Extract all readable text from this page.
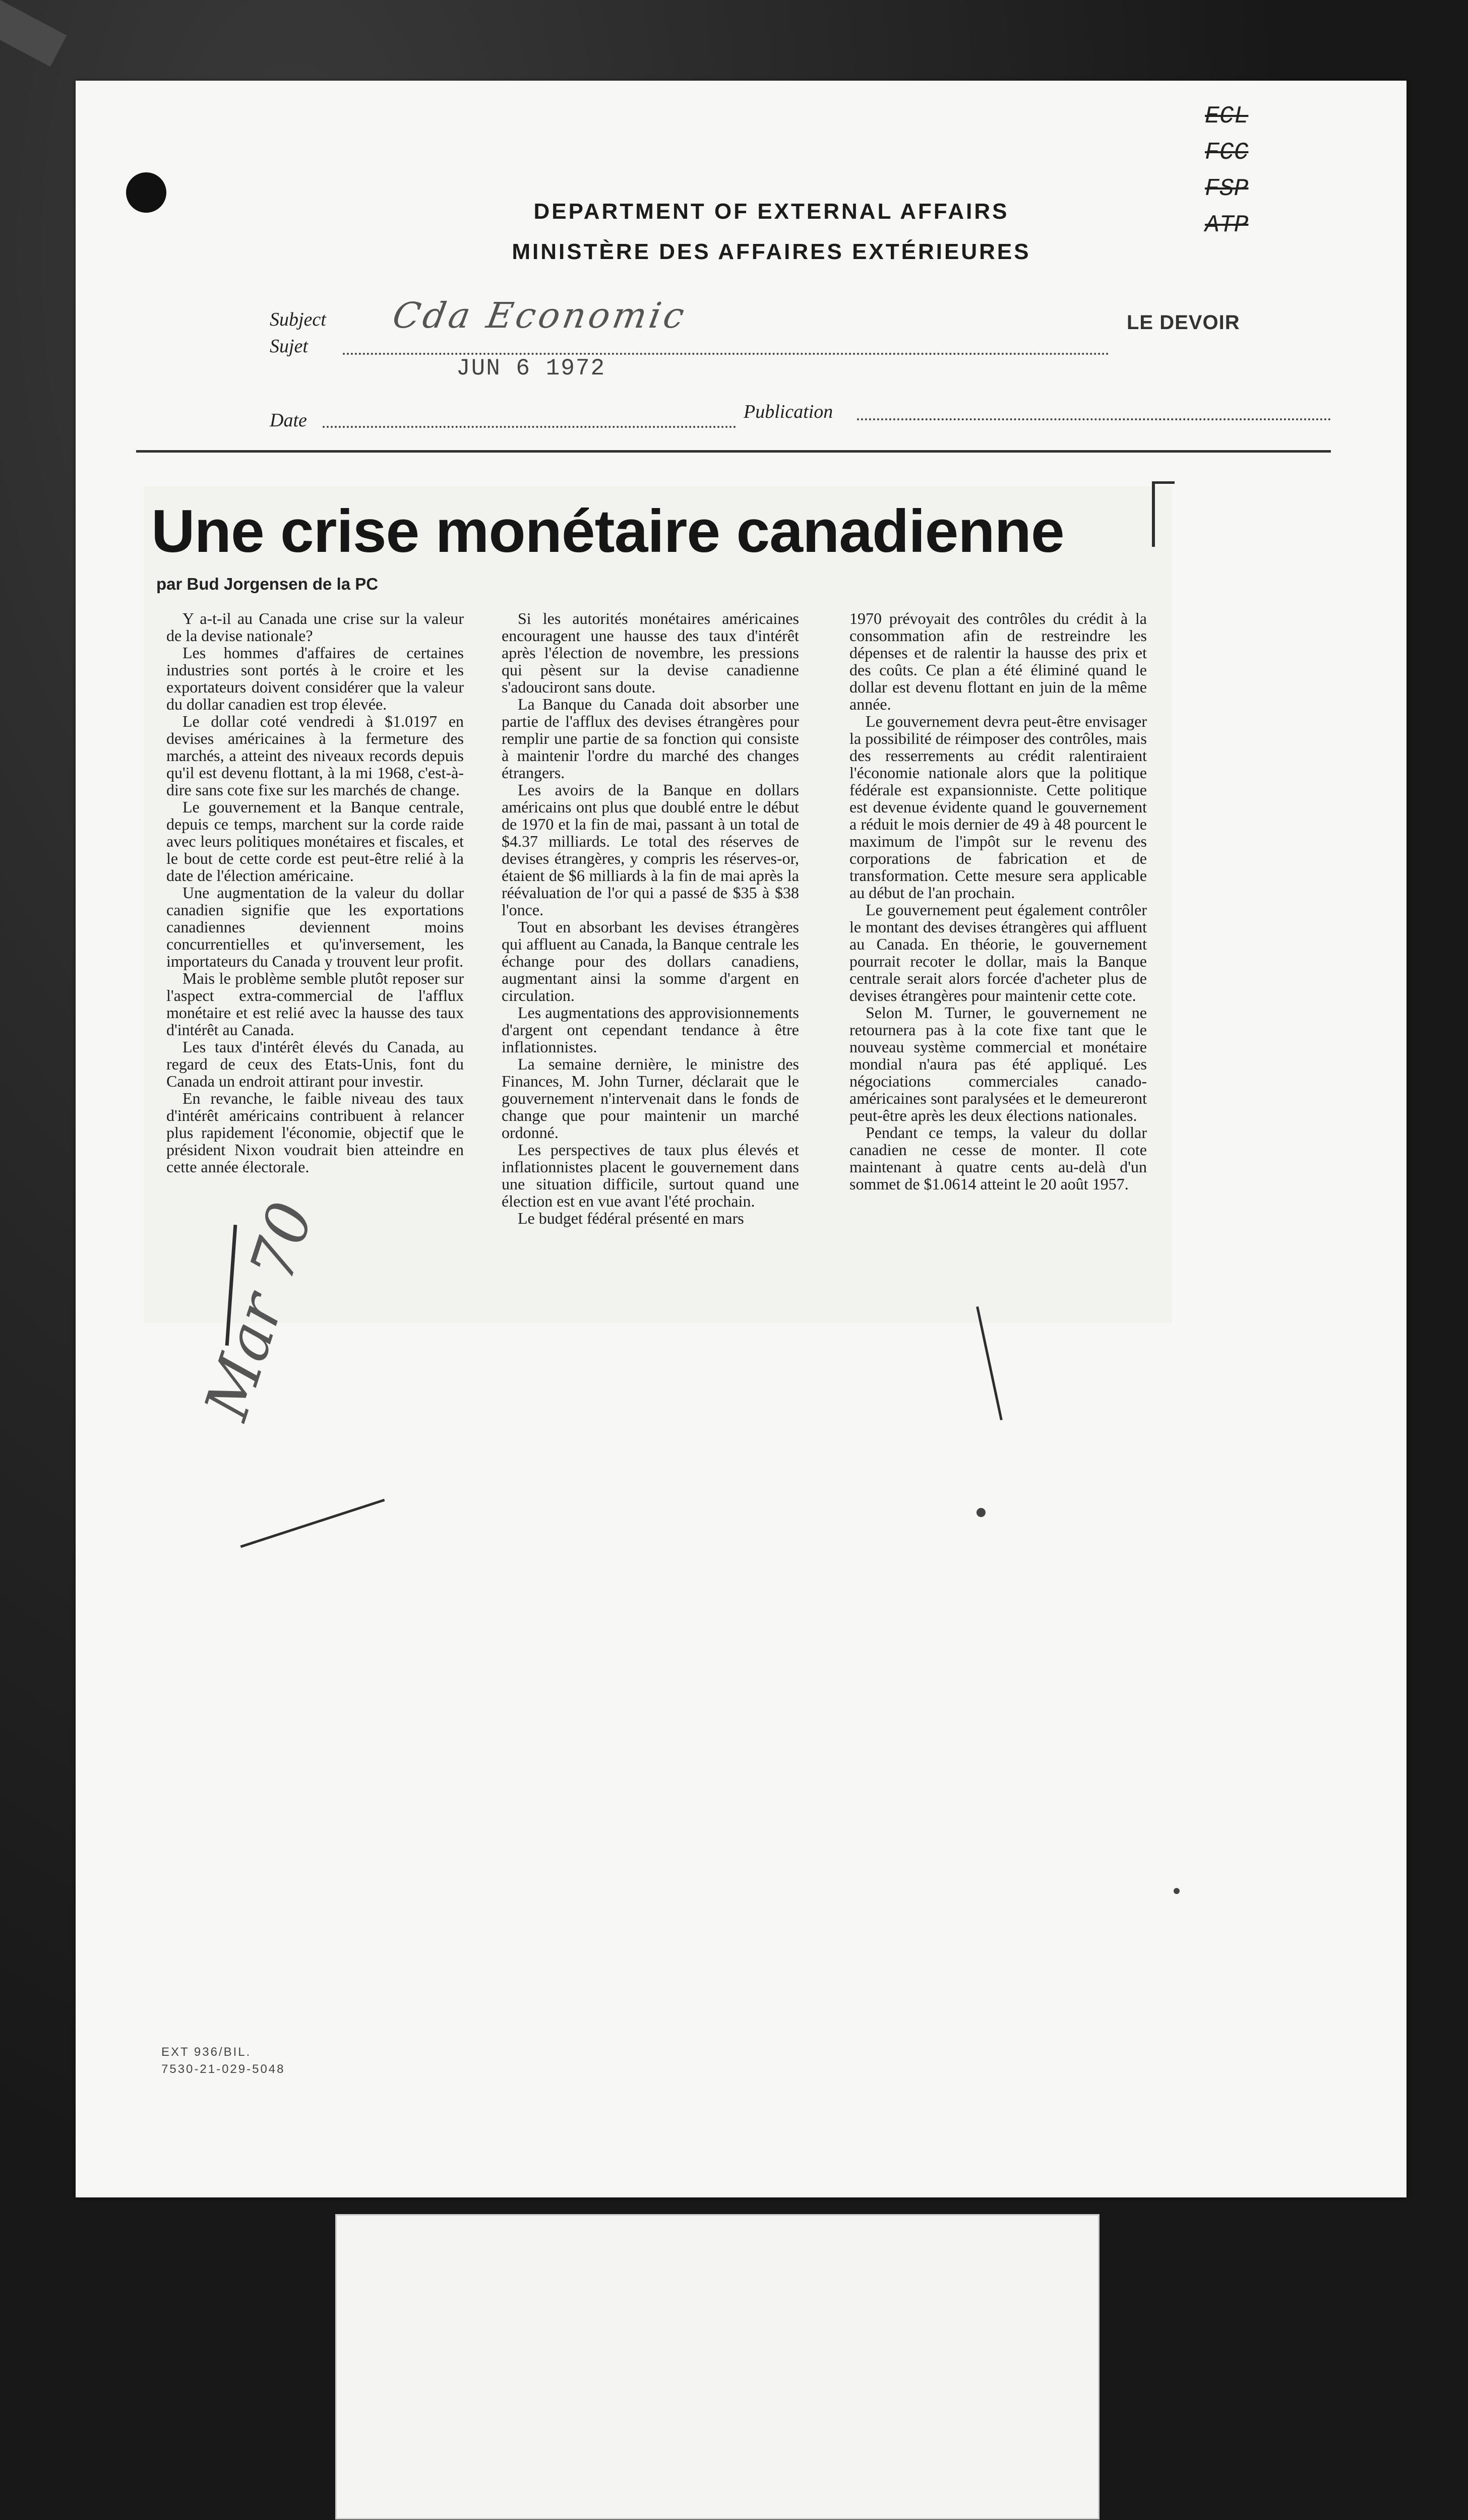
DEPARTMENT OF EXTERNAL AFFAIRS
MINISTÈRE DES AFFAIRES EXTÉRIEURES
ECL
FCC
FSP
ATP
Subject
Sujet
Cda Economic	LE DEVOIR
JUN 6 1972
Date	Publication
Une crise monétaire canadienne
par Bud Jorgensen de la PC

Y a-t-il au Canada une crise sur la valeur de la devise nationale?

Les hommes d'affaires de certaines industries sont portés à le croire et les exportateurs doivent considérer que la valeur du dollar canadien est trop élevée.

Le dollar coté vendredi à $1.0197 en devises américaines à la fermeture des marchés, a atteint des niveaux records depuis qu'il est devenu flottant, à la mi 1968, c'est-à-dire sans cote fixe sur les marchés de change.

Le gouvernement et la Banque centrale, depuis ce temps, marchent sur la corde raide avec leurs politiques monétaires et fiscales, et le bout de cette corde est peut-être relié à la date de l'élection américaine.

Une augmentation de la valeur du dollar canadien signifie que les exportations canadiennes deviennent moins concurrentielles et qu'inversement, les importateurs du Canada y trouvent leur profit.

Mais le problème semble plutôt reposer sur l'aspect extra-commercial de l'afflux monétaire et est relié avec la hausse des taux d'intérêt au Canada.

Les taux d'intérêt élevés du Canada, au regard de ceux des Etats-Unis, font du Canada un endroit attirant pour investir.

En revanche, le faible niveau des taux d'intérêt américains contribuent à relancer plus rapidement l'économie, objectif que le président Nixon voudrait bien atteindre en cette année électorale.

Si les autorités monétaires américaines encouragent une hausse des taux d'intérêt après l'élection de novembre, les pressions qui pèsent sur la devise canadienne s'adouciront sans doute.

La Banque du Canada doit absorber une partie de l'afflux des devises étrangères pour remplir une partie de sa fonction qui consiste à maintenir l'ordre du marché des changes étrangers.

Les avoirs de la Banque en dollars américains ont plus que doublé entre le début de 1970 et la fin de mai, passant à un total de $4.37 milliards. Le total des réserves de devises étrangères, y compris les réserves-or, étaient de $6 milliards à la fin de mai après la réévaluation de l'or qui a passé de $35 à $38 l'once.

Tout en absorbant les devises étrangères qui affluent au Canada, la Banque centrale les échange pour des dollars canadiens, augmentant ainsi la somme d'argent en circulation.

Les augmentations des approvisionnements d'argent ont cependant tendance à être inflationnistes.

La semaine dernière, le ministre des Finances, M. John Turner, déclarait que le gouvernement n'intervenait dans le fonds de change que pour maintenir un marché ordonné.

Les perspectives de taux plus élevés et inflationnistes placent le gouvernement dans une situation difficile, surtout quand une élection est en vue avant l'été prochain.

Le budget fédéral présenté en mars

1970 prévoyait des contrôles du crédit à la consommation afin de restreindre les dépenses et de ralentir la hausse des prix et des coûts. Ce plan a été éliminé quand le dollar est devenu flottant en juin de la même année.

Le gouvernement devra peut-être envisager la possibilité de réimposer des contrôles, mais des resserrements au crédit ralentiraient l'économie nationale alors que la politique fédérale est expansionniste. Cette politique est devenue évidente quand le gouvernement a réduit le mois dernier de 49 à 48 pourcent le maximum de l'impôt sur le revenu des corporations de fabrication et de transformation. Cette mesure sera applicable au début de l'an prochain.

Le gouvernement peut également contrôler le montant des devises étrangères qui affluent au Canada. En théorie, le gouvernement pourrait recoter le dollar, mais la Banque centrale serait alors forcée d'acheter plus de devises étrangères pour maintenir cette cote.

Selon M. Turner, le gouvernement ne retournera pas à la cote fixe tant que le nouveau système commercial et monétaire mondial n'aura pas été appliqué. Les négociations commerciales canado-américaines sont paralysées et le demeureront peut-être après les deux élections nationales.

Pendant ce temps, la valeur du dollar canadien ne cesse de monter. Il cote maintenant à quatre cents au-delà d'un sommet de $1.0614 atteint le 20 août 1957.

Mar 70
EXT 936/BIL.
7530-21-029-5048
